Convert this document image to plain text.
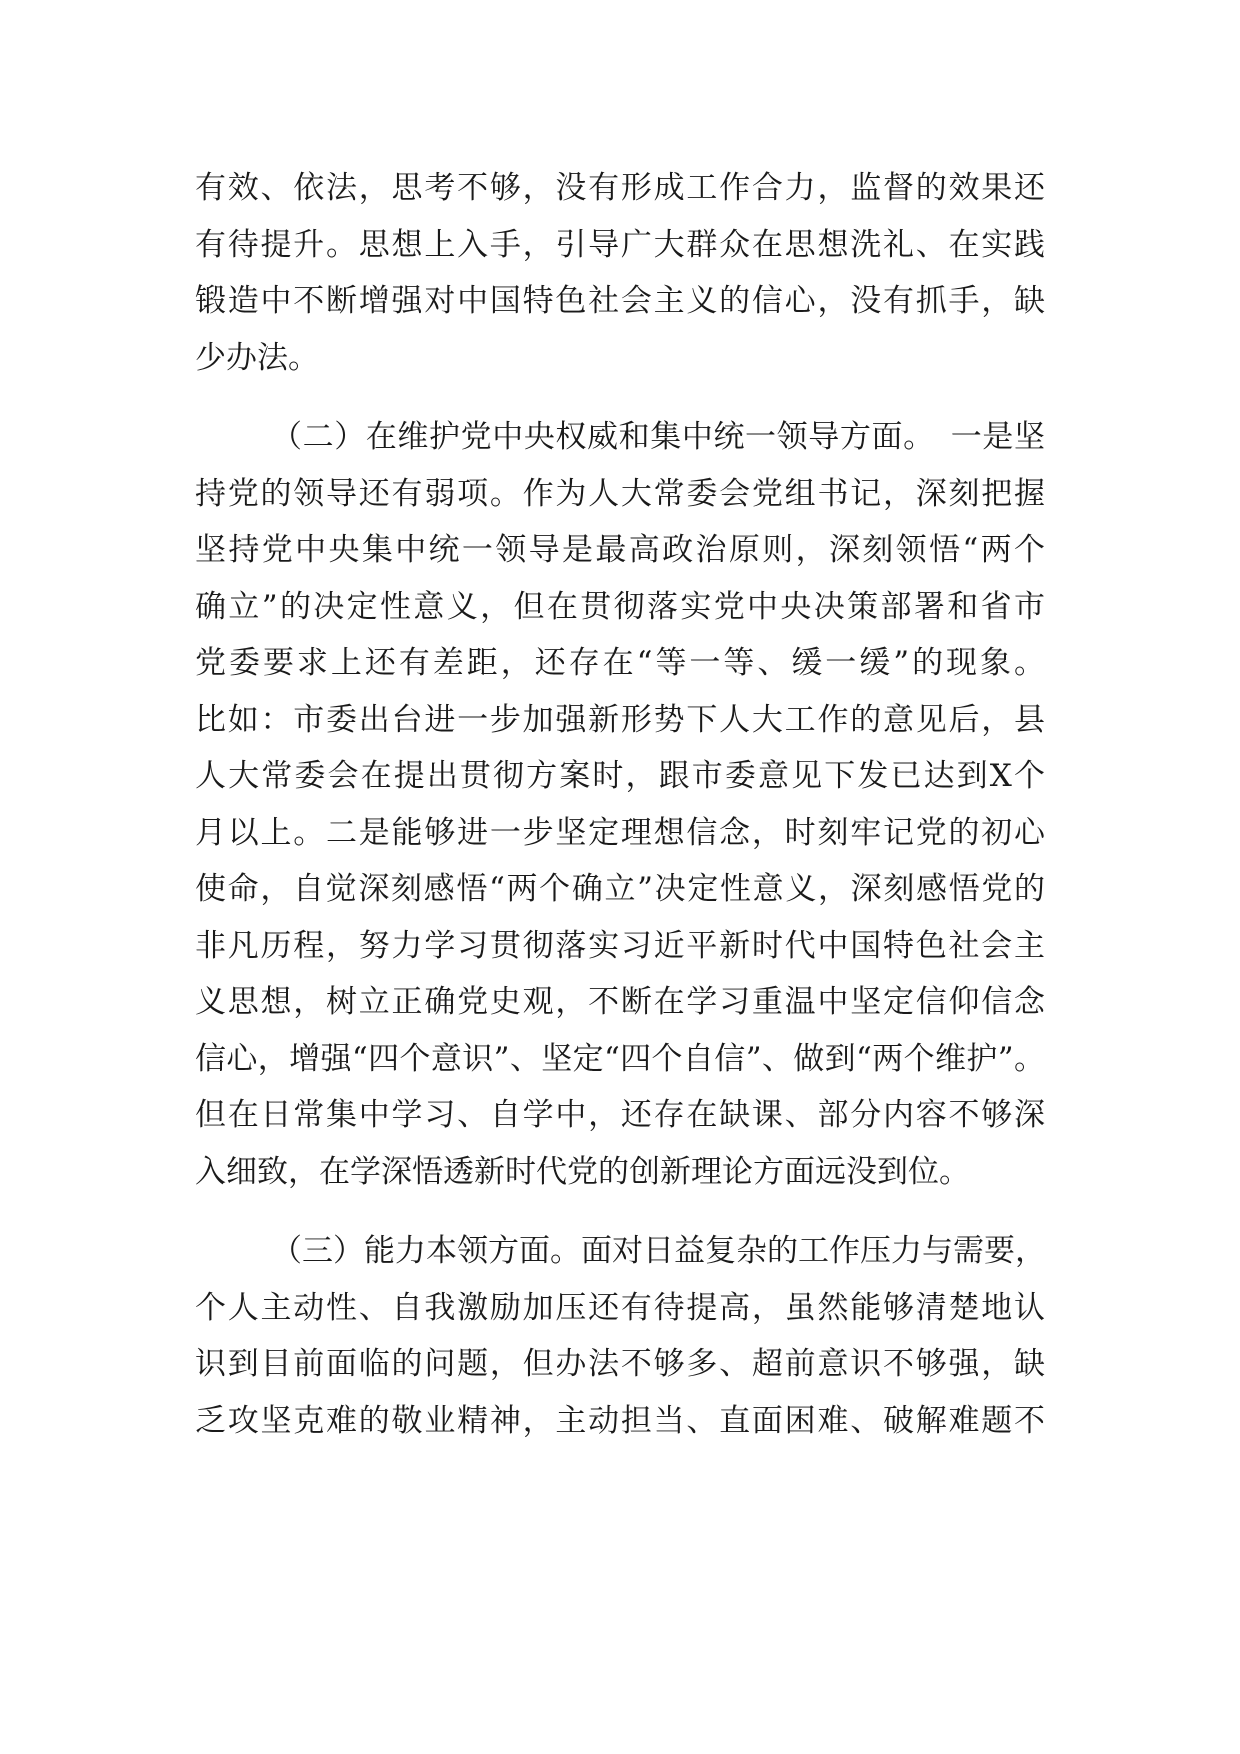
有效、依法，思考不够，没有形成工作合力，监督的效果还
有待提升。思想上入手，引导广大群众在思想洗礼、在实践
锻造中不断增强对中国特色社会主义的信心，没有抓手，缺
少办法。
（二）在维护党中央权威和集中统一领导方面。　一是坚
持党的领导还有弱项。作为人大常委会党组书记，深刻把握
坚持党中央集中统一领导是最高政治原则，深刻领悟“两个
确立”的决定性意义，但在贯彻落实党中央决策部署和省市
党委要求上还有差距，还存在“等一等、缓一缓”的现象。
比如：市委出台进一步加强新形势下人大工作的意见后，县
人大常委会在提出贯彻方案时，跟市委意见下发已达到X个
月以上。二是能够进一步坚定理想信念，时刻牢记党的初心
使命，自觉深刻感悟“两个确立”决定性意义，深刻感悟党的
非凡历程，努力学习贯彻落实习近平新时代中国特色社会主
义思想，树立正确党史观，不断在学习重温中坚定信仰信念
信心，增强“四个意识”、坚定“四个自信”、做到“两个维护”。
但在日常集中学习、自学中，还存在缺课、部分内容不够深
入细致，在学深悟透新时代党的创新理论方面远没到位。
（三）能力本领方面。面对日益复杂的工作压力与需要，
个人主动性、自我激励加压还有待提高，虽然能够清楚地认
识到目前面临的问题，但办法不够多、超前意识不够强，缺
乏攻坚克难的敬业精神，主动担当、直面困难、破解难题不
